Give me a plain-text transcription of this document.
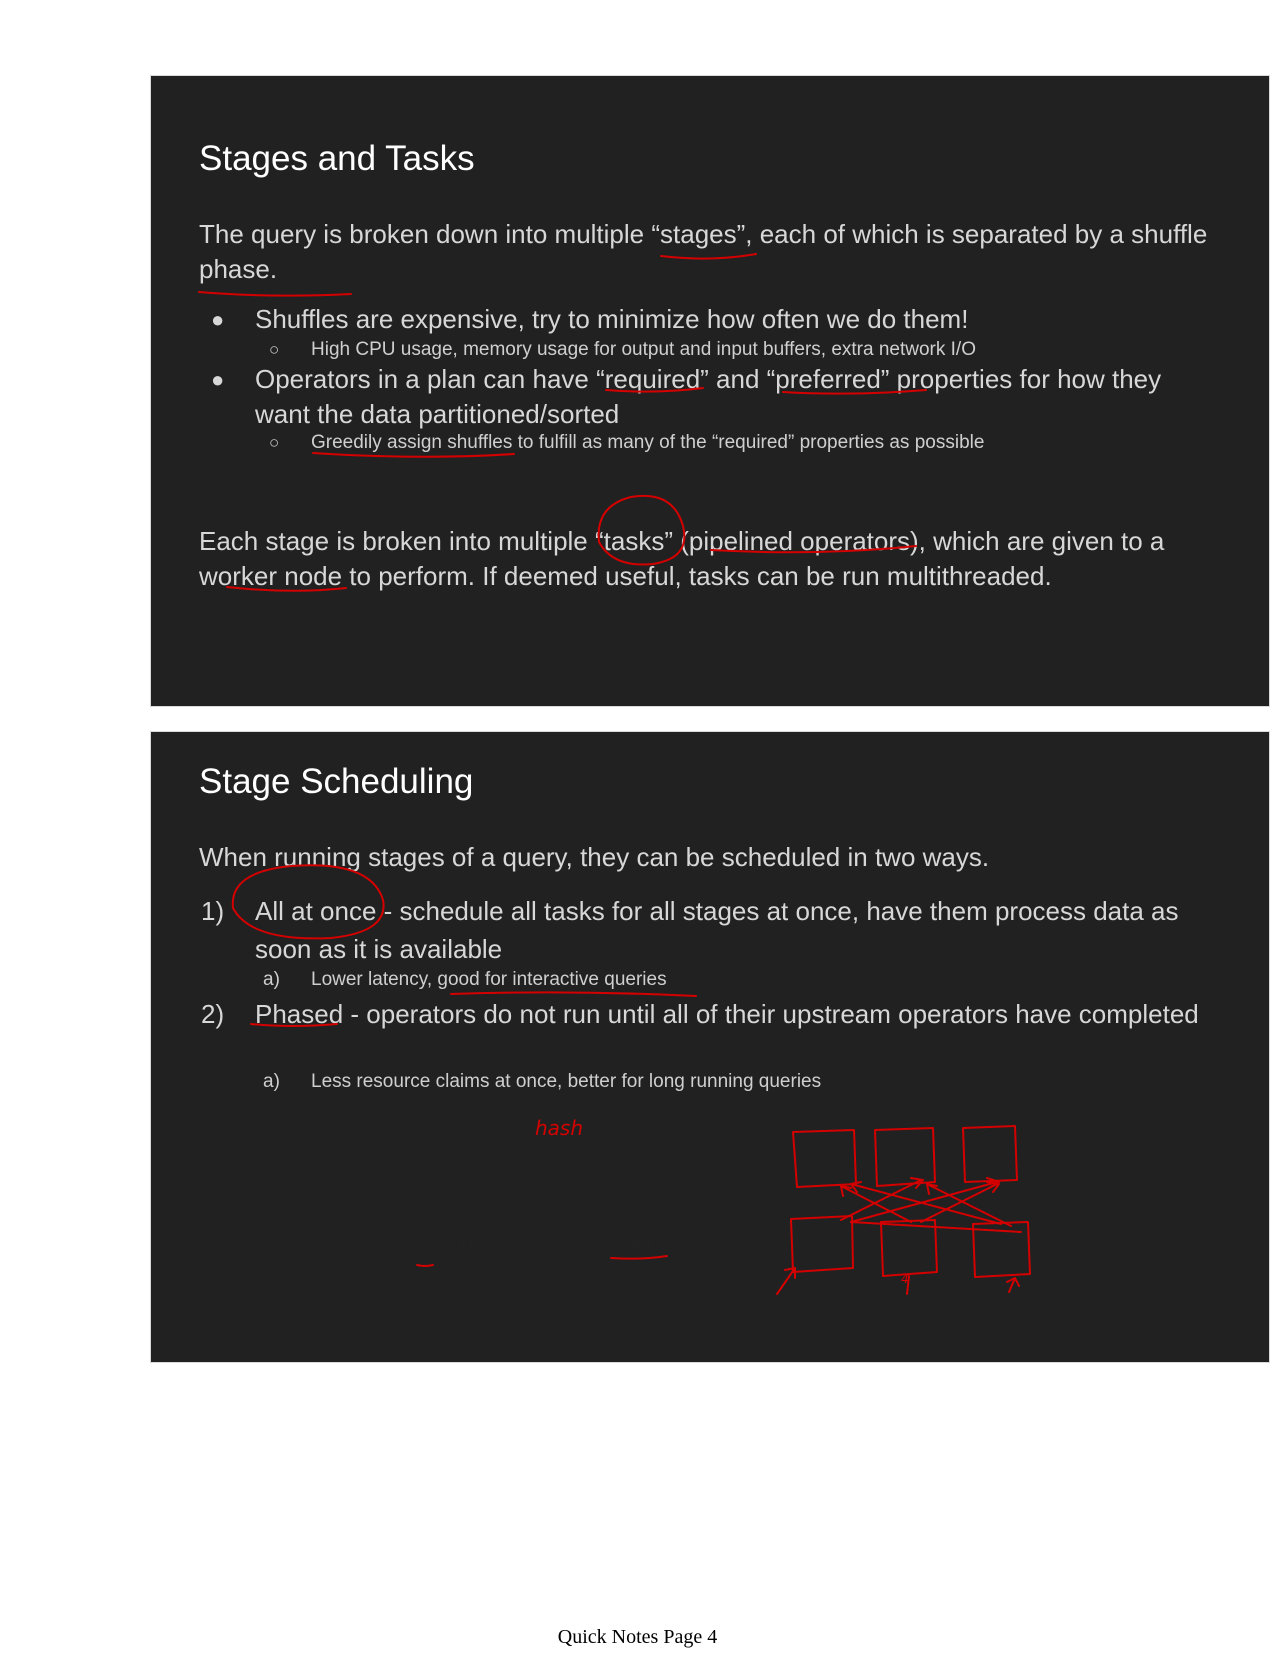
Stages and Tasks

The query is broken down into multiple “stages”, each of which is separated by a shuffle phase.

● Shuffles are expensive, try to minimize how often we do them!
○ High CPU usage, memory usage for output and input buffers, extra network I/O
● Operators in a plan can have “required” and “preferred” properties for how they want the data partitioned/sorted
○ Greedily assign shuffles to fulfill as many of the “required” properties as possible

Each stage is broken into multiple “tasks” (pipelined operators), which are given to a worker node to perform. If deemed useful, tasks can be run multithreaded.

Stage Scheduling

When running stages of a query, they can be scheduled in two ways.

1) All at once - schedule all tasks for all stages at once, have them process data as soon as it is available
a) Lower latency, good for interactive queries
2) Phased - operators do not run until all of their upstream operators have completed
a) Less resource claims at once, better for long running queries
hash
join
3
scan
2
scan
1	4
Quick Notes Page 4
